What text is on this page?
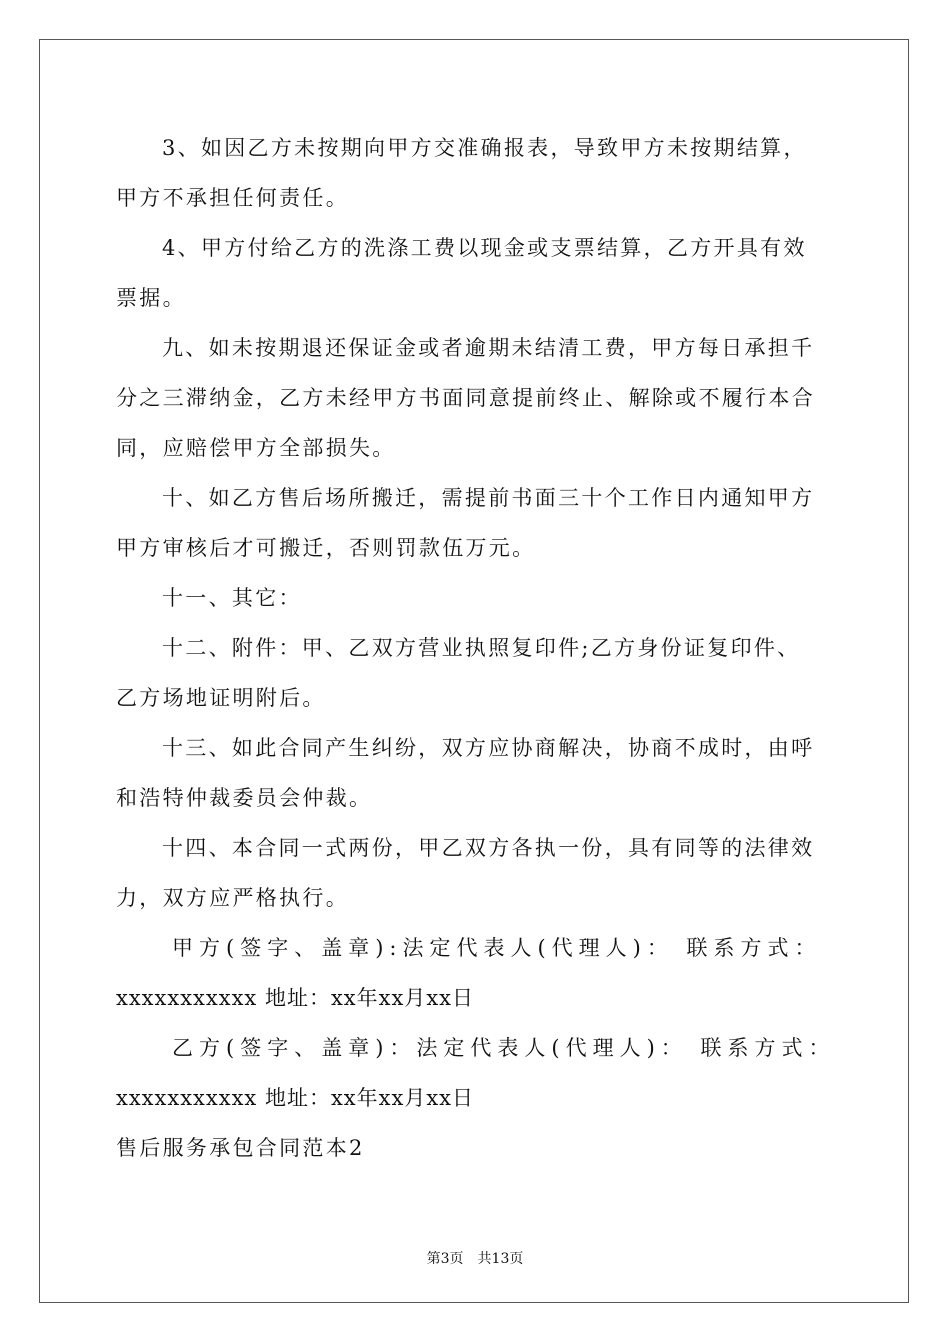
3、如因乙方未按期向甲方交准确报表，导致甲方未按期结算，

甲方不承担任何责任。

4、甲方付给乙方的洗涤工费以现金或支票结算，乙方开具有效

票据。

九、如未按期退还保证金或者逾期未结清工费，甲方每日承担千

分之三滞纳金，乙方未经甲方书面同意提前终止、解除或不履行本合

同，应赔偿甲方全部损失。

十、如乙方售后场所搬迁，需提前书面三十个工作日内通知甲方

甲方审核后才可搬迁，否则罚款伍万元。

十一、其它：

十二、附件：甲、乙双方营业执照复印件;乙方身份证复印件、

乙方场地证明附后。

十三、如此合同产生纠纷，双方应协商解决，协商不成时，由呼

和浩特仲裁委员会仲裁。

十四、本合同一式两份，甲乙双方各执一份，具有同等的法律效

力，双方应严格执行。

甲方(签字、盖章):法定代表人(代理人)： 联系方式：

xxxxxxxxxxx 地址：xx年xx月xx日

乙方(签字、盖章)：法定代表人(代理人)： 联系方式：

xxxxxxxxxxx 地址：xx年xx月xx日

售后服务承包合同范本2

第3页　共13页
